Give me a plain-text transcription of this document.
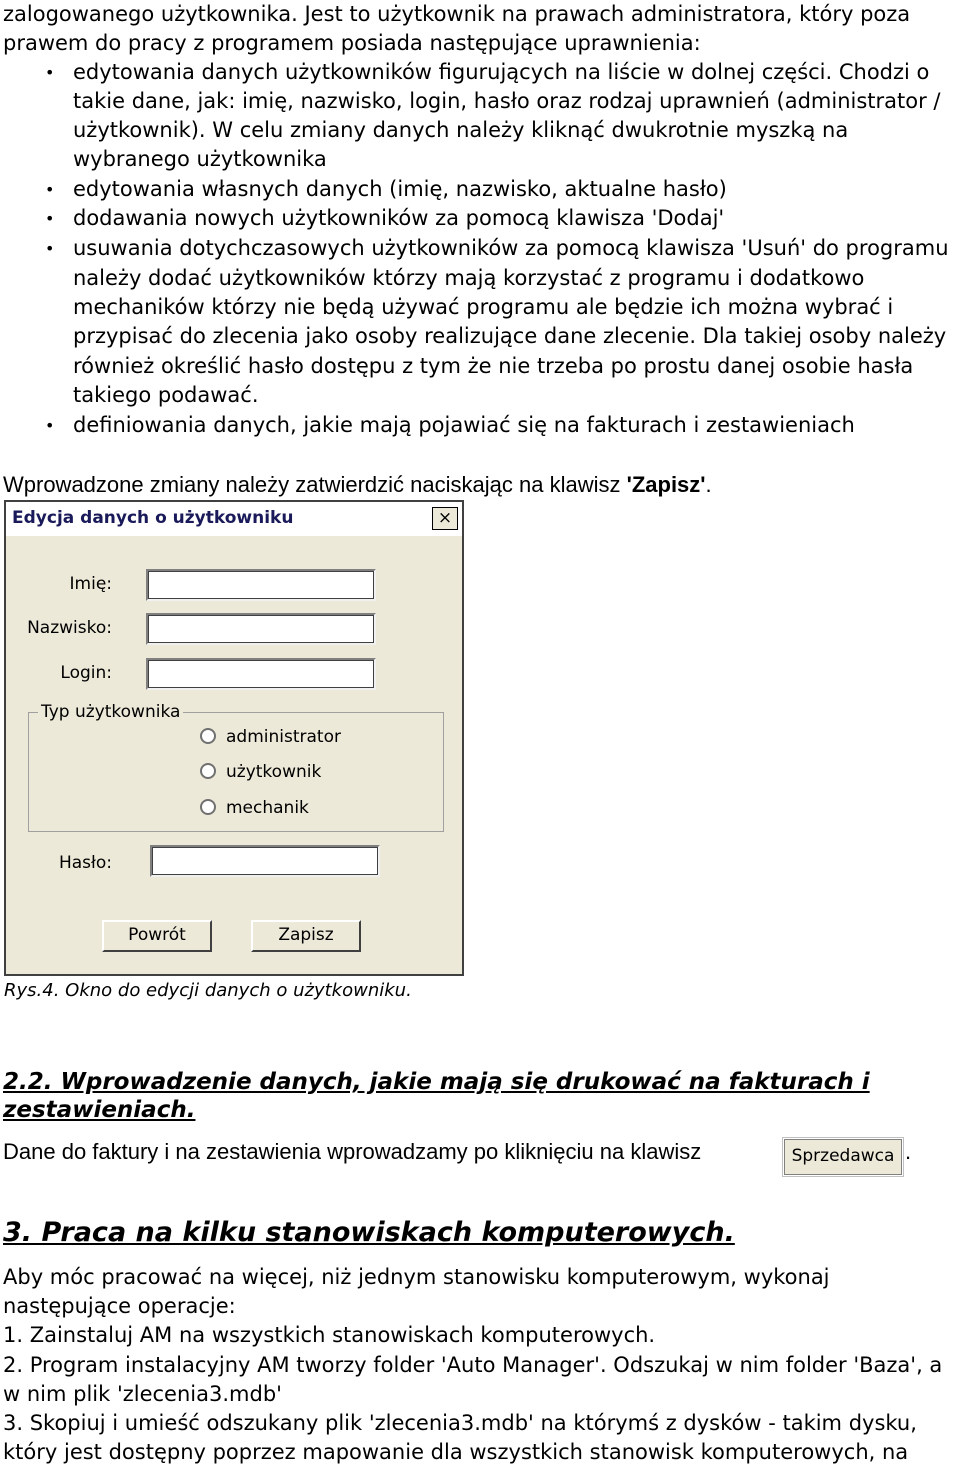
zalogowanego użytkownika. Jest to użytkownik na prawach administratora, który poza
prawem do pracy z programem posiada następujące uprawnienia:
• edytowania danych użytkowników figurujących na liście w dolnej części. Chodzi o
takie dane, jak: imię, nazwisko, login, hasło oraz rodzaj uprawnień (administrator /
użytkownik). W celu zmiany danych należy kliknąć dwukrotnie myszką na
wybranego użytkownika
• edytowania własnych danych (imię, nazwisko, aktualne hasło)
• dodawania nowych użytkowników za pomocą klawisza 'Dodaj'
• usuwania dotychczasowych użytkowników za pomocą klawisza 'Usuń' do programu
należy dodać użytkowników którzy mają korzystać z programu i dodatkowo
mechaników którzy nie będą używać programu ale będzie ich można wybrać i
przypisać do zlecenia jako osoby realizujące dane zlecenie. Dla takiej osoby należy
również określić hasło dostępu z tym że nie trzeba po prostu danej osobie hasła
takiego podawać.
• definiowania danych, jakie mają pojawiać się na fakturach i zestawieniach
Wprowadzone zmiany należy zatwierdzić naciskając na klawisz 'Zapisz'.
Edycja danych o użytkowniku	×
Imię:
Nazwisko:
Login:
Typ użytkownika
administrator
użytkownik
mechanik
Hasło:
Powrót	Zapisz
Rys.4. Okno do edycji danych o użytkowniku.
2.2. Wprowadzenie danych, jakie mają się drukować na fakturach i
zestawieniach.
Dane do faktury i na zestawienia wprowadzamy po kliknięciu na klawisz	Sprzedawca .
3. Praca na kilku stanowiskach komputerowych.
Aby móc pracować na więcej, niż jednym stanowisku komputerowym, wykonaj
następujące operacje:
1. Zainstaluj AM na wszystkich stanowiskach komputerowych.
2. Program instalacyjny AM tworzy folder 'Auto Manager'. Odszukaj w nim folder 'Baza', a
w nim plik 'zlecenia3.mdb'
3. Skopiuj i umieść odszukany plik 'zlecenia3.mdb' na którymś z dysków - takim dysku,
który jest dostępny poprzez mapowanie dla wszystkich stanowisk komputerowych, na
